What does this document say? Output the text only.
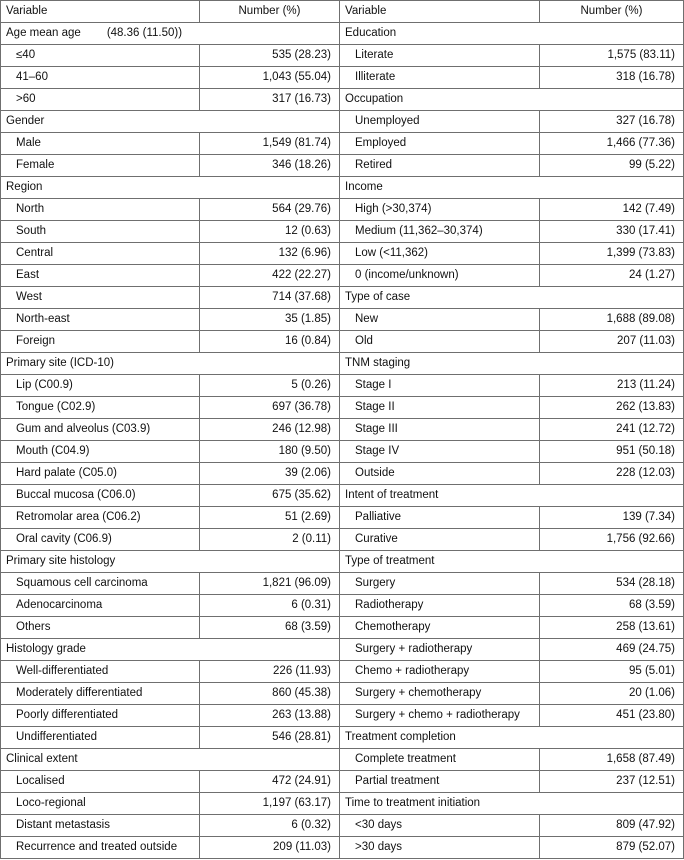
Variable	Number (%)	Variable	Number (%)
Age mean age (48.36 (11.50))		Education	
≤40	535 (28.23)	Literate	1,575 (83.11)
41–60	1,043 (55.04)	Illiterate	318 (16.78)
>60	317 (16.73)	Occupation	
Gender		Unemployed	327 (16.78)
Male	1,549 (81.74)	Employed	1,466 (77.36)
Female	346 (18.26)	Retired	99 (5.22)
Region		Income	
North	564 (29.76)	High (>30,374)	142 (7.49)
South	12 (0.63)	Medium (11,362–30,374)	330 (17.41)
Central	132 (6.96)	Low (<11,362)	1,399 (73.83)
East	422 (22.27)	0 (income/unknown)	24 (1.27)
West	714 (37.68)	Type of case	
North-east	35 (1.85)	New	1,688 (89.08)
Foreign	16 (0.84)	Old	207 (11.03)
Primary site (ICD-10)		TNM staging	
Lip (C00.9)	5 (0.26)	Stage I	213 (11.24)
Tongue (C02.9)	697 (36.78)	Stage II	262 (13.83)
Gum and alveolus (C03.9)	246 (12.98)	Stage III	241 (12.72)
Mouth (C04.9)	180 (9.50)	Stage IV	951 (50.18)
Hard palate (C05.0)	39 (2.06)	Outside	228 (12.03)
Buccal mucosa (C06.0)	675 (35.62)	Intent of treatment	
Retromolar area (C06.2)	51 (2.69)	Palliative	139 (7.34)
Oral cavity (C06.9)	2 (0.11)	Curative	1,756 (92.66)
Primary site histology		Type of treatment	
Squamous cell carcinoma	1,821 (96.09)	Surgery	534 (28.18)
Adenocarcinoma	6 (0.31)	Radiotherapy	68 (3.59)
Others	68 (3.59)	Chemotherapy	258 (13.61)
Histology grade		Surgery + radiotherapy	469 (24.75)
Well-differentiated	226 (11.93)	Chemo + radiotherapy	95 (5.01)
Moderately differentiated	860 (45.38)	Surgery + chemotherapy	20 (1.06)
Poorly differentiated	263 (13.88)	Surgery + chemo + radiotherapy	451 (23.80)
Undifferentiated	546 (28.81)	Treatment completion	
Clinical extent		Complete treatment	1,658 (87.49)
Localised	472 (24.91)	Partial treatment	237 (12.51)
Loco-regional	1,197 (63.17)	Time to treatment initiation	
Distant metastasis	6 (0.32)	<30 days	809 (47.92)
Recurrence and treated outside	209 (11.03)	>30 days	879 (52.07)
